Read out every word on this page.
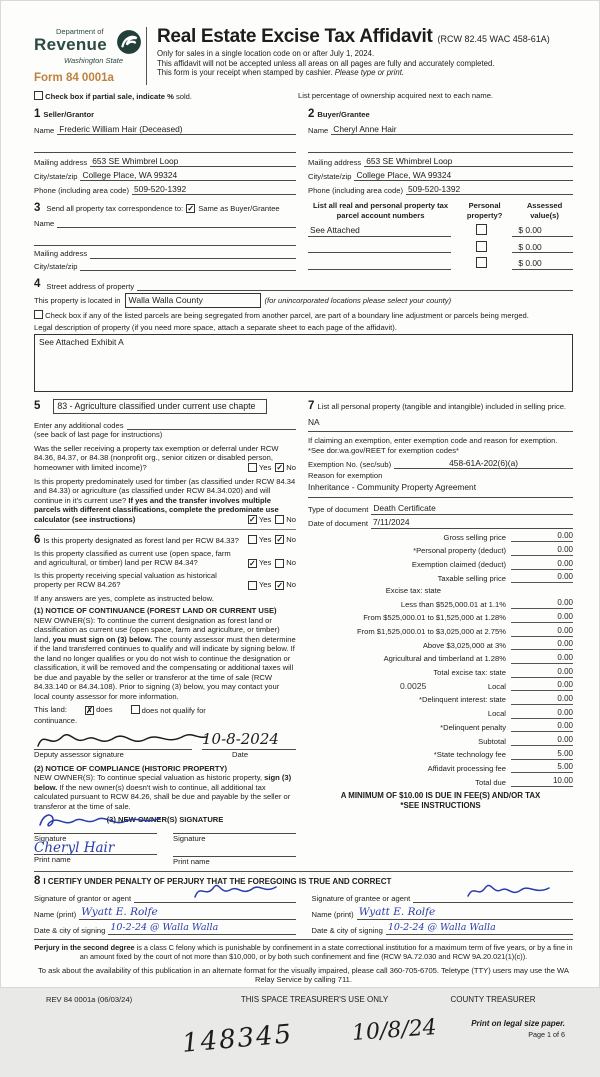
Department of
Revenue
Washington State
Form 84 0001a
Real Estate Excise Tax Affidavit (RCW 82.45 WAC 458-61A)
Only for sales in a single location code on or after July 1, 2024.
This affidavit will not be accepted unless all areas on all pages are fully and accurately completed.
This form is your receipt when stamped by cashier. Please type or print.
Check box if partial sale, indicate % sold.	List percentage of ownership acquired next to each name.
1 Seller/Grantor
Name Frederic William Hair (Deceased)
Mailing address 653 SE Whimbrel Loop
City/state/zip College Place, WA 99324
Phone (including area code) 509-520-1392
2 Buyer/Grantee
Name Cheryl Anne Hair
Mailing address 653 SE Whimbrel Loop
City/state/zip College Place, WA 99324
Phone (including area code) 509-520-1392
3 Send all property tax correspondence to: ✓ Same as Buyer/Grantee
Name
Mailing address
City/state/zip
List all real and personal property tax parcel account numbers
Personal property?
Assessed value(s)
See Attached	$ 0.00
$ 0.00
$ 0.00
4 Street address of property
This property is located in Walla Walla County	(for unincorporated locations please select your county)
Check box if any of the listed parcels are being segregated from another parcel, are part of a boundary line adjustment or parcels being merged.
Legal description of property (if you need more space, attach a separate sheet to each page of the affidavit).
See Attached Exhibit A
5	83 - Agriculture classified under current use chapte
Enter any additional codes
(see back of last page for instructions)
Was the seller receiving a property tax exemption or deferral under RCW 84.36, 84.37, or 84.38 (nonprofit org., senior citizen or disabled person, homeowner with limited income)?	Yes ✓ No
Is this property predominately used for timber (as classified under RCW 84.34 and 84.33) or agriculture (as classified under RCW 84.34.020) and will continue in it's current use? If yes and the transfer involves multiple parcels with different classifications, complete the predominate use calculator (see instructions)	✓ Yes No
6 Is this property designated as forest land per RCW 84.33?	Yes ✓ No
Is this property classified as current use (open space, farm and agricultural, or timber) land per RCW 84.34?	✓ Yes No
Is this property receiving special valuation as historical property per RCW 84.26?	Yes ✓ No
If any answers are yes, complete as instructed below.
(1) NOTICE OF CONTINUANCE (FOREST LAND OR CURRENT USE)
NEW OWNER(S): To continue the current designation as forest land or classification as current use (open space, farm and agriculture, or timber) land, you must sign on (3) below. The county assessor must then determine if the land transferred continues to qualify and will indicate by signing below. If the land no longer qualifies or you do not wish to continue the designation or classification, it will be removed and the compensating or additional taxes will be due and payable by the seller or transferor at the time of sale (RCW 84.33.140 or 84.34.108). Prior to signing (3) below, you may contact your local county assessor for more information.
This land: ✗ does	does not qualify for
continuance.
10-8-2024
Deputy assessor signature	Date
(2) NOTICE OF COMPLIANCE (HISTORIC PROPERTY)
NEW OWNER(S): To continue special valuation as historic property, sign (3) below. If the new owner(s) doesn't wish to continue, all additional tax calculated pursuant to RCW 84.26, shall be due and payable by the seller or transferor at the time of sale.
(3) NEW OWNER(S) SIGNATURE
Signature	Signature
Cheryl Hair
Print name	Print name
7 List all personal property (tangible and intangible) included in selling price.
NA
If claiming an exemption, enter exemption code and reason for exemption. *See dor.wa.gov/REET for exemption codes*
Exemption No. (sec/sub)	458-61A-202(6)(a)
Reason for exemption
Inheritance - Community Property Agreement
Type of document Death Certificate
Date of document 7/11/2024
Gross selling price	0.00
*Personal property (deduct)	0.00
Exemption claimed (deduct)	0.00
Taxable selling price	0.00
Excise tax: state
Less than $525,000.01 at 1.1%	0.00
From $525,000.01 to $1,525,000 at 1.28%	0.00
From $1,525,000.01 to $3,025,000 at 2.75%	0.00
Above $3,025,000 at 3%	0.00
Agricultural and timberland at 1.28%	0.00
Total excise tax: state	0.00
0.0025	Local	0.00
*Delinquent interest: state	0.00
Local	0.00
*Delinquent penalty	0.00
Subtotal	0.00
*State technology fee	5.00
Affidavit processing fee	5.00
Total due	10.00
A MINIMUM OF $10.00 IS DUE IN FEE(S) AND/OR TAX
*SEE INSTRUCTIONS
8 I CERTIFY UNDER PENALTY OF PERJURY THAT THE FOREGOING IS TRUE AND CORRECT
Signature of grantor or agent
Name (print) Wyatt E. Rolfe
Date & city of signing 10-2-24 @ Walla Walla
Signature of grantee or agent
Name (print) Wyatt E. Rolfe
Date & city of signing 10-2-24 @ Walla Walla
Perjury in the second degree is a class C felony which is punishable by confinement in a state correctional institution for a maximum term of five years, or by a fine in an amount fixed by the court of not more than $10,000, or by both such confinement and fine (RCW 9A.72.030 and RCW 9A.20.021(1)(c)).
To ask about the availability of this publication in an alternate format for the visually impaired, please call 360-705-6705. Teletype (TTY) users may use the WA Relay Service by calling 711.
REV 84 0001a (06/03/24)	THIS SPACE TREASURER'S USE ONLY	COUNTY TREASURER
148345	10/8/24	Print on legal size paper.
Page 1 of 6
